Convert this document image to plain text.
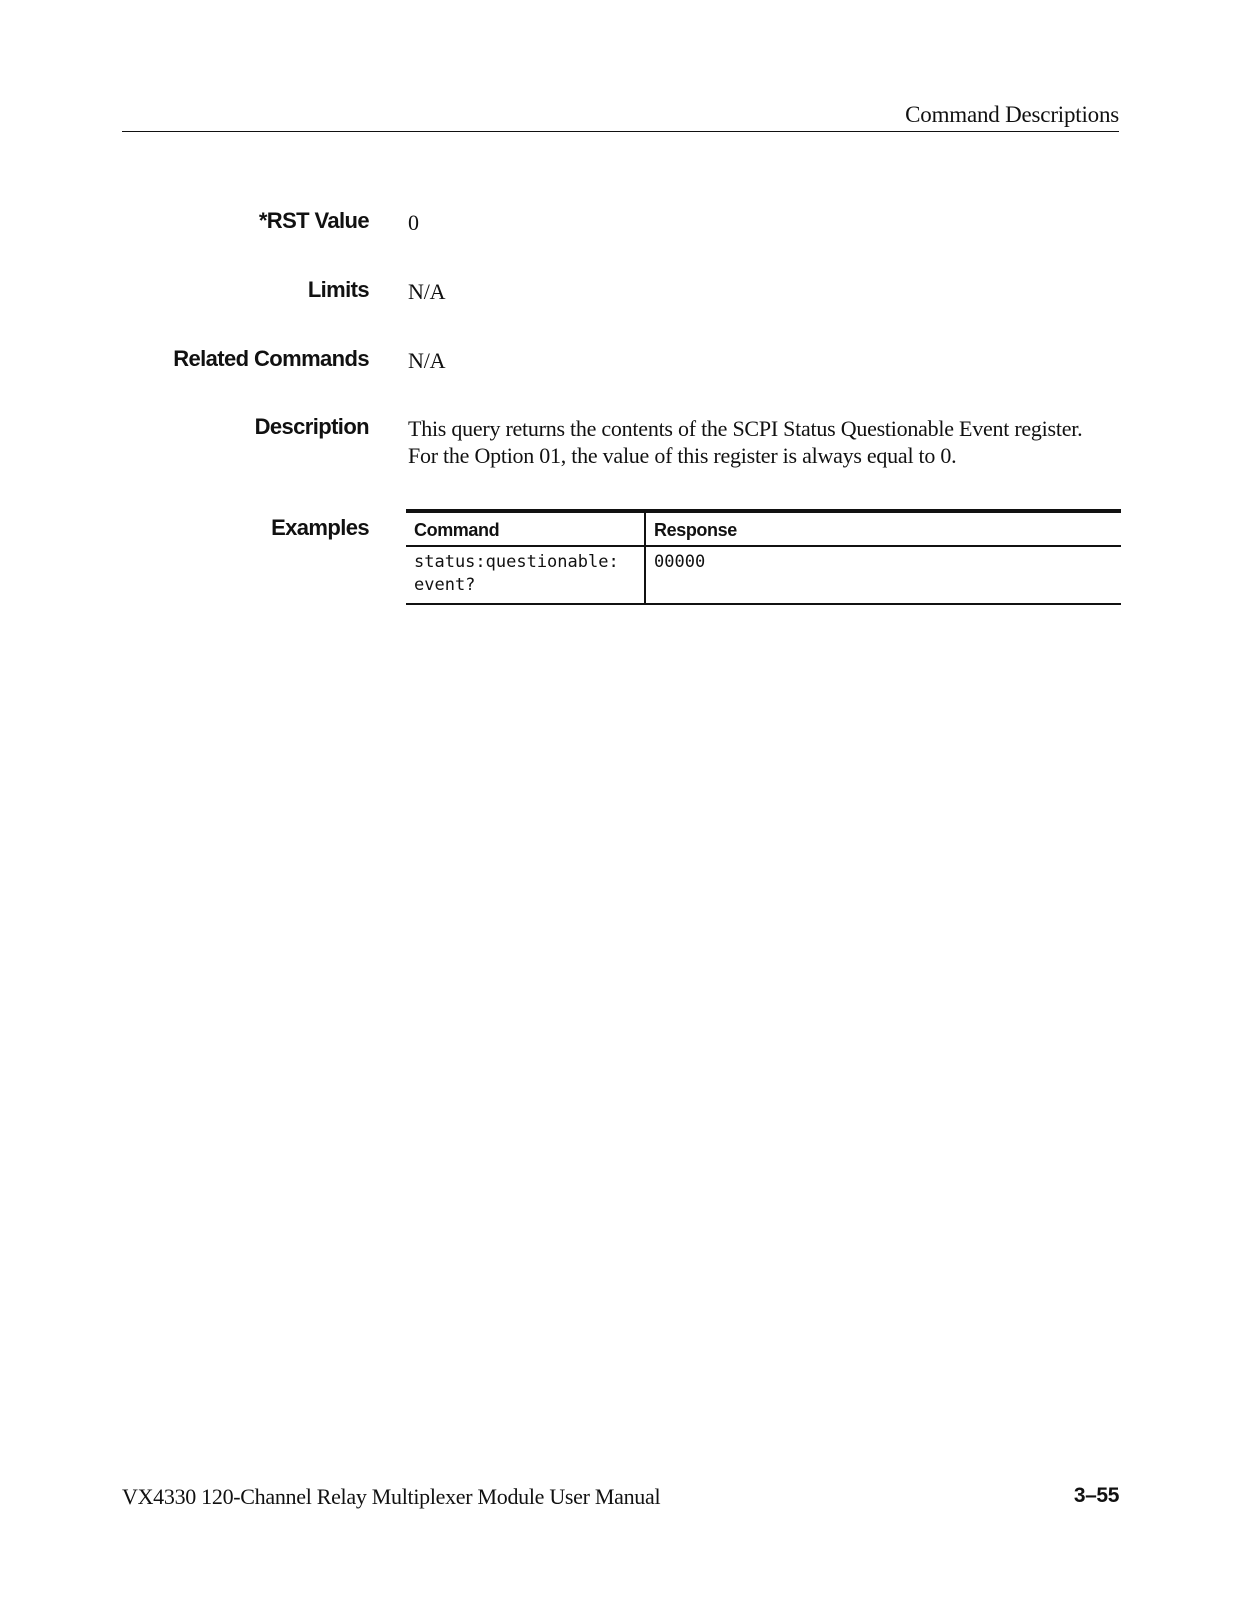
Command Descriptions
*RST Value 0
Limits N/A
Related Commands N/A
Description This query returns the contents of the SCPI Status Questionable Event register.
For the Option 01, the value of this register is always equal to 0.
Examples	Command	Response

status:questionable:
event?	00000
VX4330 120-Channel Relay Multiplexer Module User Manual	3–55
